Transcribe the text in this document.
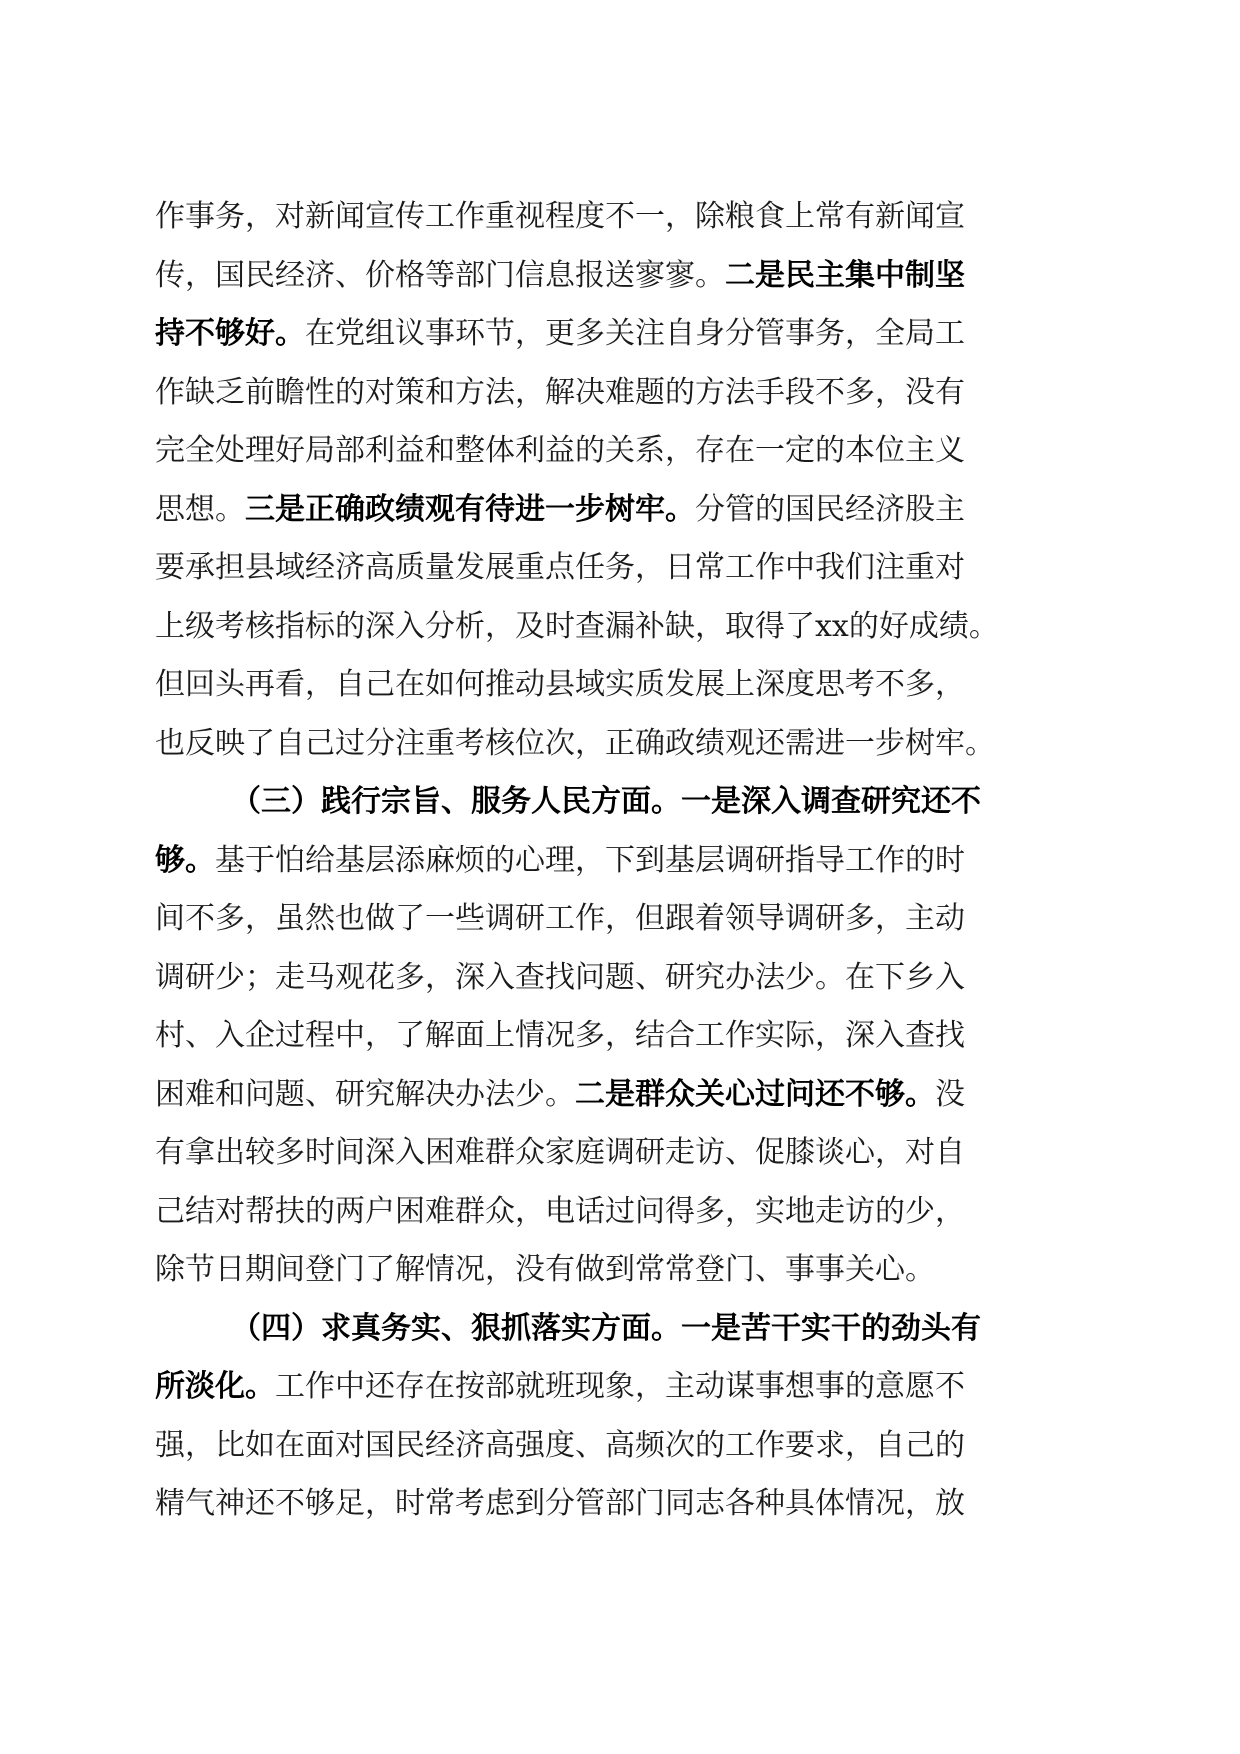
作事务，对新闻宣传工作重视程度不一，除粮食上常有新闻宣
传，国民经济、价格等部门信息报送寥寥。二是民主集中制坚
持不够好。在党组议事环节，更多关注自身分管事务，全局工
作缺乏前瞻性的对策和方法，解决难题的方法手段不多，没有
完全处理好局部利益和整体利益的关系，存在一定的本位主义
思想。三是正确政绩观有待进一步树牢。分管的国民经济股主
要承担县域经济高质量发展重点任务，日常工作中我们注重对
上级考核指标的深入分析，及时查漏补缺，取得了xx的好成绩。
但回头再看，自己在如何推动县域实质发展上深度思考不多，
也反映了自己过分注重考核位次，正确政绩观还需进一步树牢。
（三）践行宗旨、服务人民方面。一是深入调查研究还不
够。基于怕给基层添麻烦的心理，下到基层调研指导工作的时
间不多，虽然也做了一些调研工作，但跟着领导调研多，主动
调研少；走马观花多，深入查找问题、研究办法少。在下乡入
村、入企过程中，了解面上情况多，结合工作实际，深入查找
困难和问题、研究解决办法少。二是群众关心过问还不够。没
有拿出较多时间深入困难群众家庭调研走访、促膝谈心，对自
己结对帮扶的两户困难群众，电话过问得多，实地走访的少，
除节日期间登门了解情况，没有做到常常登门、事事关心。
（四）求真务实、狠抓落实方面。一是苦干实干的劲头有
所淡化。工作中还存在按部就班现象，主动谋事想事的意愿不
强，比如在面对国民经济高强度、高频次的工作要求，自己的
精气神还不够足，时常考虑到分管部门同志各种具体情况，放
